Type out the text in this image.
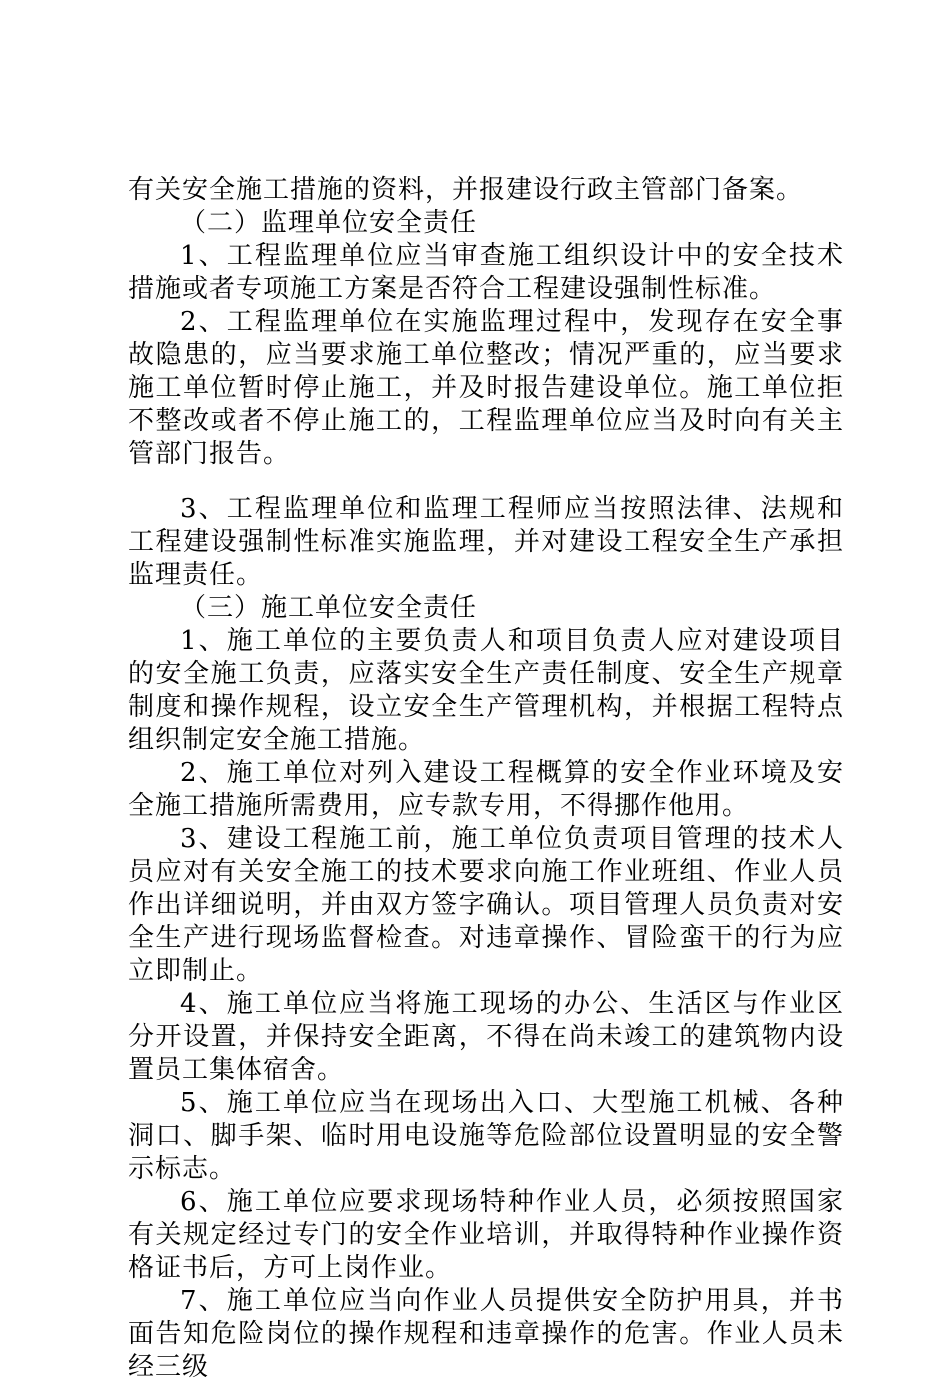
有关安全施工措施的资料，并报建设行政主管部门备案。

（二）监理单位安全责任

1、工程监理单位应当审查施工组织设计中的安全技术措施或者专项施工方案是否符合工程建设强制性标准。

2、工程监理单位在实施监理过程中，发现存在安全事故隐患的，应当要求施工单位整改；情况严重的，应当要求施工单位暂时停止施工，并及时报告建设单位。施工单位拒不整改或者不停止施工的，工程监理单位应当及时向有关主管部门报告。

3、工程监理单位和监理工程师应当按照法律、法规和工程建设强制性标准实施监理，并对建设工程安全生产承担监理责任。

（三）施工单位安全责任

1、施工单位的主要负责人和项目负责人应对建设项目的安全施工负责，应落实安全生产责任制度、安全生产规章制度和操作规程，设立安全生产管理机构，并根据工程特点组织制定安全施工措施。

2、施工单位对列入建设工程概算的安全作业环境及安全施工措施所需费用，应专款专用，不得挪作他用。

3、建设工程施工前，施工单位负责项目管理的技术人员应对有关安全施工的技术要求向施工作业班组、作业人员作出详细说明，并由双方签字确认。项目管理人员负责对安全生产进行现场监督检查。对违章操作、冒险蛮干的行为应立即制止。

4、施工单位应当将施工现场的办公、生活区与作业区分开设置，并保持安全距离，不得在尚未竣工的建筑物内设置员工集体宿舍。

5、施工单位应当在现场出入口、大型施工机械、各种洞口、脚手架、临时用电设施等危险部位设置明显的安全警示标志。

6、施工单位应要求现场特种作业人员，必须按照国家有关规定经过专门的安全作业培训，并取得特种作业操作资格证书后，方可上岗作业。

7、施工单位应当向作业人员提供安全防护用具，并书面告知危险岗位的操作规程和违章操作的危害。作业人员未经三级
